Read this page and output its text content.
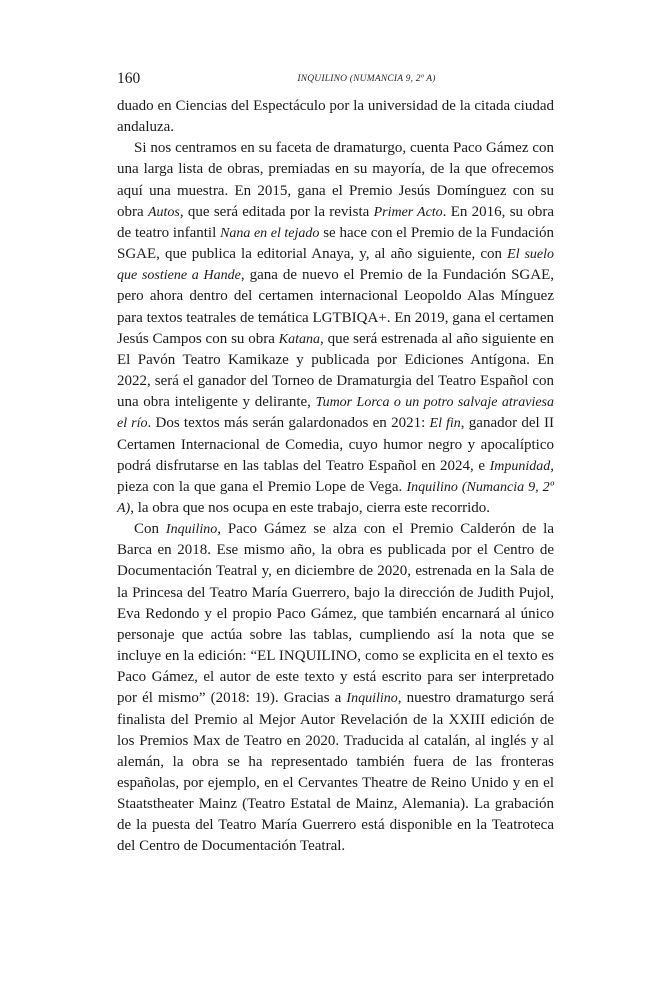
160	INQUILINO (NUMANCIA 9, 2º A)

duado en Ciencias del Espectáculo por la universidad de la citada ciudad andaluza.

Si nos centramos en su faceta de dramaturgo, cuenta Paco Gámez con una larga lista de obras, premiadas en su mayoría, de la que ofrecemos aquí una muestra. En 2015, gana el Premio Jesús Domínguez con su obra Autos, que será editada por la revista Primer Acto. En 2016, su obra de teatro infantil Nana en el tejado se hace con el Premio de la Fundación SGAE, que publica la editorial Anaya, y, al año siguiente, con El suelo que sostiene a Hande, gana de nuevo el Premio de la Fundación SGAE, pero ahora dentro del certamen internacional Leopoldo Alas Mínguez para textos teatrales de temática LGTBIQA+. En 2019, gana el certamen Jesús Campos con su obra Katana, que será estrenada al año siguiente en El Pavón Teatro Kamikaze y publicada por Ediciones Antígona. En 2022, será el ganador del Torneo de Dramaturgia del Teatro Español con una obra inteligente y delirante, Tumor Lorca o un potro salvaje atraviesa el río. Dos textos más serán galardonados en 2021: El fin, ganador del II Certamen Internacional de Comedia, cuyo humor negro y apocalíptico podrá disfrutarse en las tablas del Teatro Español en 2024, e Impunidad, pieza con la que gana el Premio Lope de Vega. Inquilino (Numancia 9, 2º A), la obra que nos ocupa en este trabajo, cierra este recorrido.

Con Inquilino, Paco Gámez se alza con el Premio Calderón de la Barca en 2018. Ese mismo año, la obra es publicada por el Centro de Documentación Teatral y, en diciembre de 2020, estrenada en la Sala de la Princesa del Teatro María Guerrero, bajo la dirección de Judith Pujol, Eva Redondo y el propio Paco Gámez, que también encarnará al único personaje que actúa sobre las tablas, cumpliendo así la nota que se incluye en la edición: “EL INQUILINO, como se explicita en el texto es Paco Gámez, el autor de este texto y está escrito para ser interpretado por él mismo” (2018: 19). Gracias a Inquilino, nuestro dramaturgo será finalista del Premio al Mejor Autor Revelación de la XXIII edición de los Premios Max de Teatro en 2020. Traducida al catalán, al inglés y al alemán, la obra se ha representado también fuera de las fronteras españolas, por ejemplo, en el Cervantes Theatre de Reino Unido y en el Staatstheater Mainz (Teatro Estatal de Mainz, Alemania). La grabación de la puesta del Teatro María Guerrero está disponible en la Teatroteca del Centro de Documentación Teatral.
